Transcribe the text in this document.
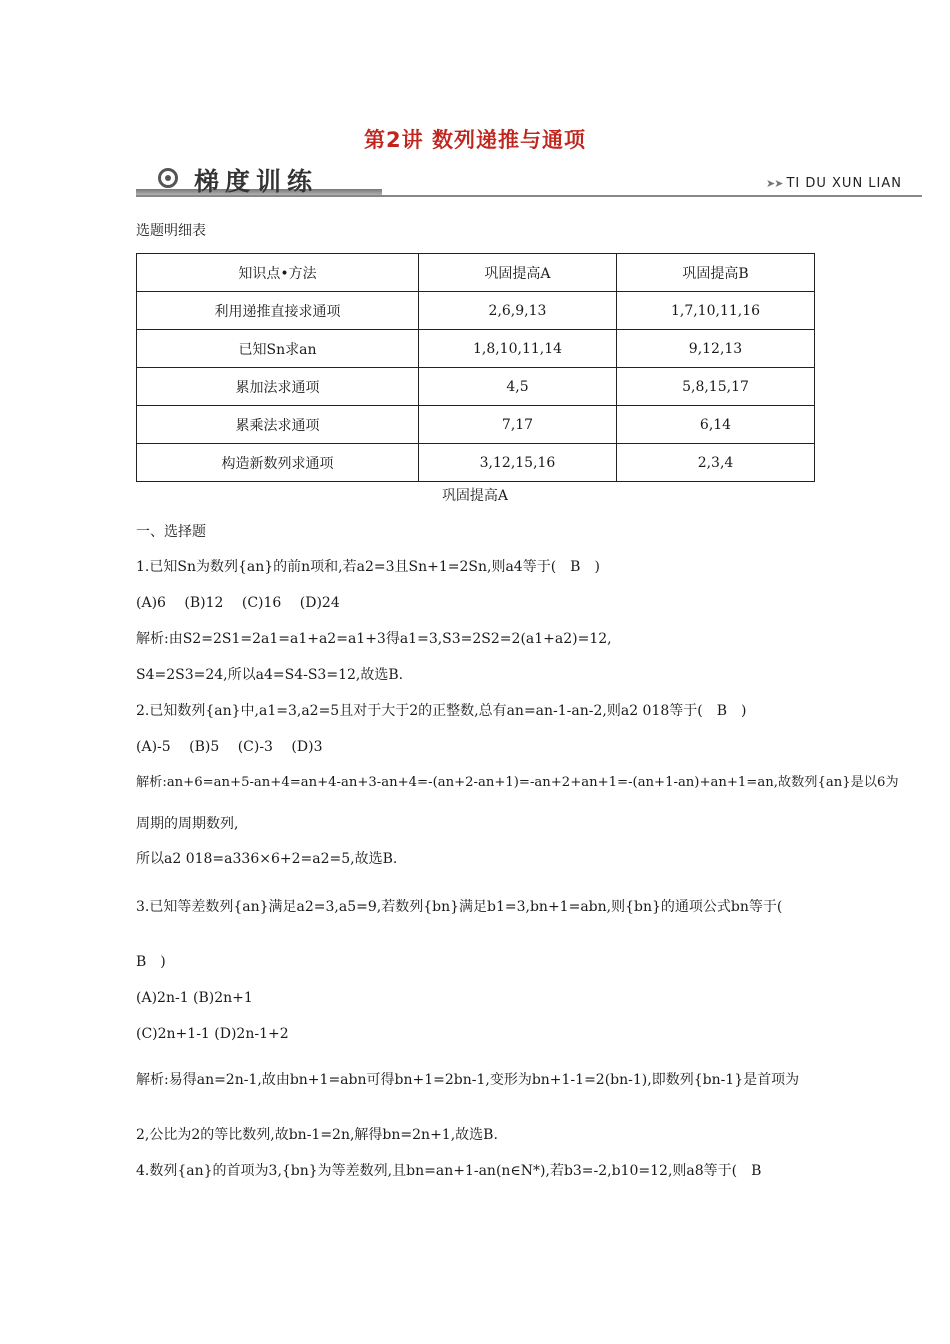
第2讲 数列递推与通项
梯度训练	➤➤ TI DU XUN LIAN
选题明细表
知识点•方法	巩固提高A	巩固提高B
利用递推直接求通项	2,6,9,13	1,7,10,11,16
已知Sn求an	1,8,10,11,14	9,12,13
累加法求通项	4,5	5,8,15,17
累乘法求通项	7,17	6,14
构造新数列求通项	3,12,15,16	2,3,4
巩固提高A
一、选择题
1.已知Sn为数列{an}的前n项和,若a2=3且Sn+1=2Sn,则a4等于(　B　)
(A)6　 (B)12　 (C)16　 (D)24
解析:由S2=2S1=2a1=a1+a2=a1+3得a1=3,S3=2S2=2(a1+a2)=12,
S4=2S3=24,所以a4=S4-S3=12,故选B.
2.已知数列{an}中,a1=3,a2=5且对于大于2的正整数,总有an=an-1-an-2,则a2 018等于(　B　)
(A)-5　 (B)5　 (C)-3　 (D)3
解析:an+6=an+5-an+4=an+4-an+3-an+4=-(an+2-an+1)=-an+2+an+1=-(an+1-an)+an+1=an,故数列{an}是以6为
周期的周期数列,
所以a2 018=a336×6+2=a2=5,故选B.
3.已知等差数列{an}满足a2=3,a5=9,若数列{bn}满足b1=3,bn+1=abn,则{bn}的通项公式bn等于(
B　)
(A)2n-1 (B)2n+1
(C)2n+1-1 (D)2n-1+2
解析:易得an=2n-1,故由bn+1=abn可得bn+1=2bn-1,变形为bn+1-1=2(bn-1),即数列{bn-1}是首项为
2,公比为2的等比数列,故bn-1=2n,解得bn=2n+1,故选B.
4.数列{an}的首项为3,{bn}为等差数列,且bn=an+1-an(n∈N*),若b3=-2,b10=12,则a8等于(　B
